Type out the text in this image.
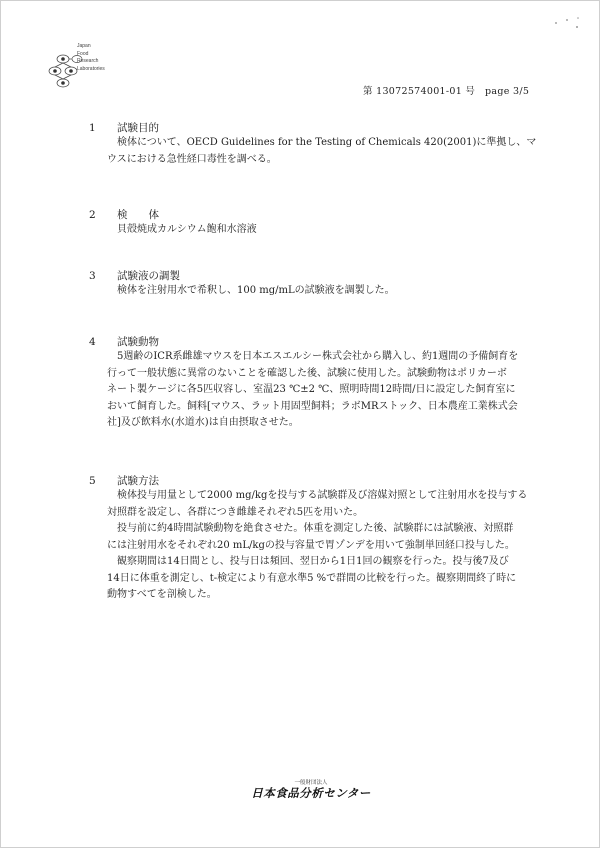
Japan
Food
Research
Laboratories
第 13072574001-01 号　page 3/5
1 試験目的

検体について、OECD Guidelines for the Testing of Chemicals 420(2001)に準拠し、マ
ウスにおける急性経口毒性を調べる。

2 検　　体

貝殻焼成カルシウム飽和水溶液

3 試験液の調製

検体を注射用水で希釈し、100 mg/mLの試験液を調製した。

4 試験動物

5週齢のICR系雌雄マウスを日本エスエルシー株式会社から購入し、約1週間の予備飼育を
行って一般状態に異常のないことを確認した後、試験に使用した。試験動物はポリカーボ
ネート製ケージに各5匹収容し、室温23 ℃±2 ℃、照明時間12時間/日に設定した飼育室に
おいて飼育した。飼料[マウス、ラット用固型飼料；ラボMRストック、日本農産工業株式会
社]及び飲料水(水道水)は自由摂取させた。

5 試験方法

検体投与用量として2000 mg/kgを投与する試験群及び溶媒対照として注射用水を投与する
対照群を設定し、各群につき雌雄それぞれ5匹を用いた。

投与前に約4時間試験動物を絶食させた。体重を測定した後、試験群には試験液、対照群
には注射用水をそれぞれ20 mL/kgの投与容量で胃ゾンデを用いて強制単回経口投与した。

観察期間は14日間とし、投与日は頻回、翌日から1日1回の観察を行った。投与後7及び
14日に体重を測定し、t-検定により有意水準5 %で群間の比較を行った。観察期間終了時に
動物すべてを剖検した。

一般財団法人
日本食品分析センター
